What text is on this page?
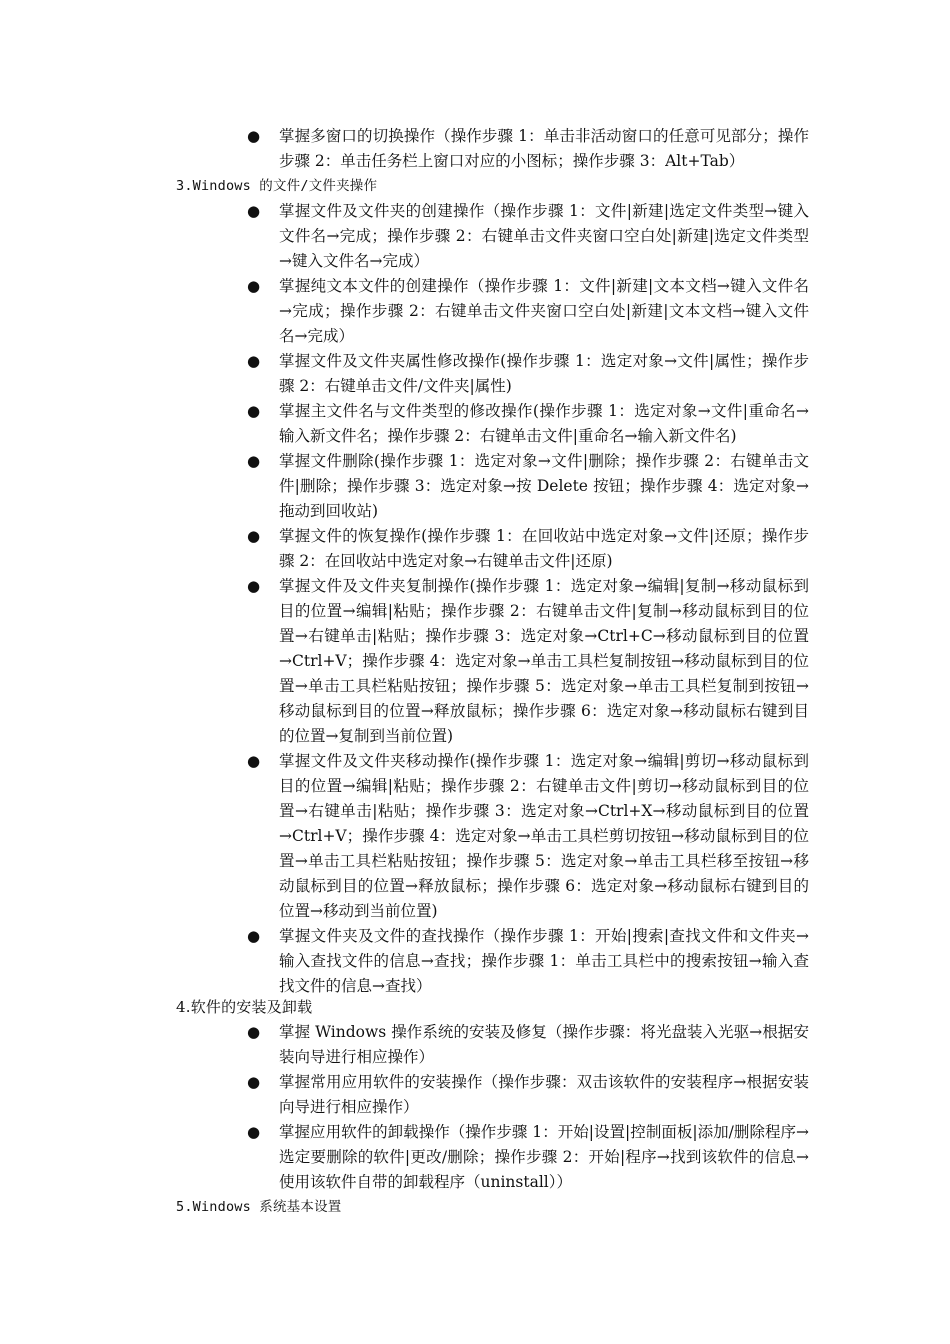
● 掌握多窗口的切换操作（操作步骤 1：单击非活动窗口的任意可见部分；操作步骤 2：单击任务栏上窗口对应的小图标；操作步骤 3：Alt+Tab）

3.Windows 的文件/文件夹操作

● 掌握文件及文件夹的创建操作（操作步骤 1：文件|新建|选定文件类型→键入文件名→完成；操作步骤 2：右键单击文件夹窗口空白处|新建|选定文件类型→键入文件名→完成）
● 掌握纯文本文件的创建操作（操作步骤 1：文件|新建|文本文档→键入文件名→完成；操作步骤 2：右键单击文件夹窗口空白处|新建|文本文档→键入文件名→完成）
● 掌握文件及文件夹属性修改操作(操作步骤 1：选定对象→文件|属性；操作步骤 2：右键单击文件/文件夹|属性)
● 掌握主文件名与文件类型的修改操作(操作步骤 1：选定对象→文件|重命名→输入新文件名；操作步骤 2：右键单击文件|重命名→输入新文件名)
● 掌握文件删除(操作步骤 1：选定对象→文件|删除；操作步骤 2：右键单击文件|删除；操作步骤 3：选定对象→按 Delete 按钮；操作步骤 4：选定对象→拖动到回收站)
● 掌握文件的恢复操作(操作步骤 1：在回收站中选定对象→文件|还原；操作步骤 2：在回收站中选定对象→右键单击文件|还原)
● 掌握文件及文件夹复制操作(操作步骤 1：选定对象→编辑|复制→移动鼠标到目的位置→编辑|粘贴；操作步骤 2：右键单击文件|复制→移动鼠标到目的位置→右键单击|粘贴；操作步骤 3：选定对象→Ctrl+C→移动鼠标到目的位置→Ctrl+V；操作步骤 4：选定对象→单击工具栏复制按钮→移动鼠标到目的位置→单击工具栏粘贴按钮；操作步骤 5：选定对象→单击工具栏复制到按钮→移动鼠标到目的位置→释放鼠标；操作步骤 6：选定对象→移动鼠标右键到目的位置→复制到当前位置)
● 掌握文件及文件夹移动操作(操作步骤 1：选定对象→编辑|剪切→移动鼠标到目的位置→编辑|粘贴；操作步骤 2：右键单击文件|剪切→移动鼠标到目的位置→右键单击|粘贴；操作步骤 3：选定对象→Ctrl+X→移动鼠标到目的位置→Ctrl+V；操作步骤 4：选定对象→单击工具栏剪切按钮→移动鼠标到目的位置→单击工具栏粘贴按钮；操作步骤 5：选定对象→单击工具栏移至按钮→移动鼠标到目的位置→释放鼠标；操作步骤 6：选定对象→移动鼠标右键到目的位置→移动到当前位置)
● 掌握文件夹及文件的查找操作（操作步骤 1：开始|搜索|查找文件和文件夹→输入查找文件的信息→查找；操作步骤 1：单击工具栏中的搜索按钮→输入查找文件的信息→查找）

4.软件的安装及卸载

● 掌握 Windows 操作系统的安装及修复（操作步骤：将光盘装入光驱→根据安装向导进行相应操作）
● 掌握常用应用软件的安装操作（操作步骤：双击该软件的安装程序→根据安装向导进行相应操作）
● 掌握应用软件的卸载操作（操作步骤 1：开始|设置|控制面板|添加/删除程序→选定要删除的软件|更改/删除；操作步骤 2：开始|程序→找到该软件的信息→使用该软件自带的卸载程序（uninstall））

5.Windows 系统基本设置
